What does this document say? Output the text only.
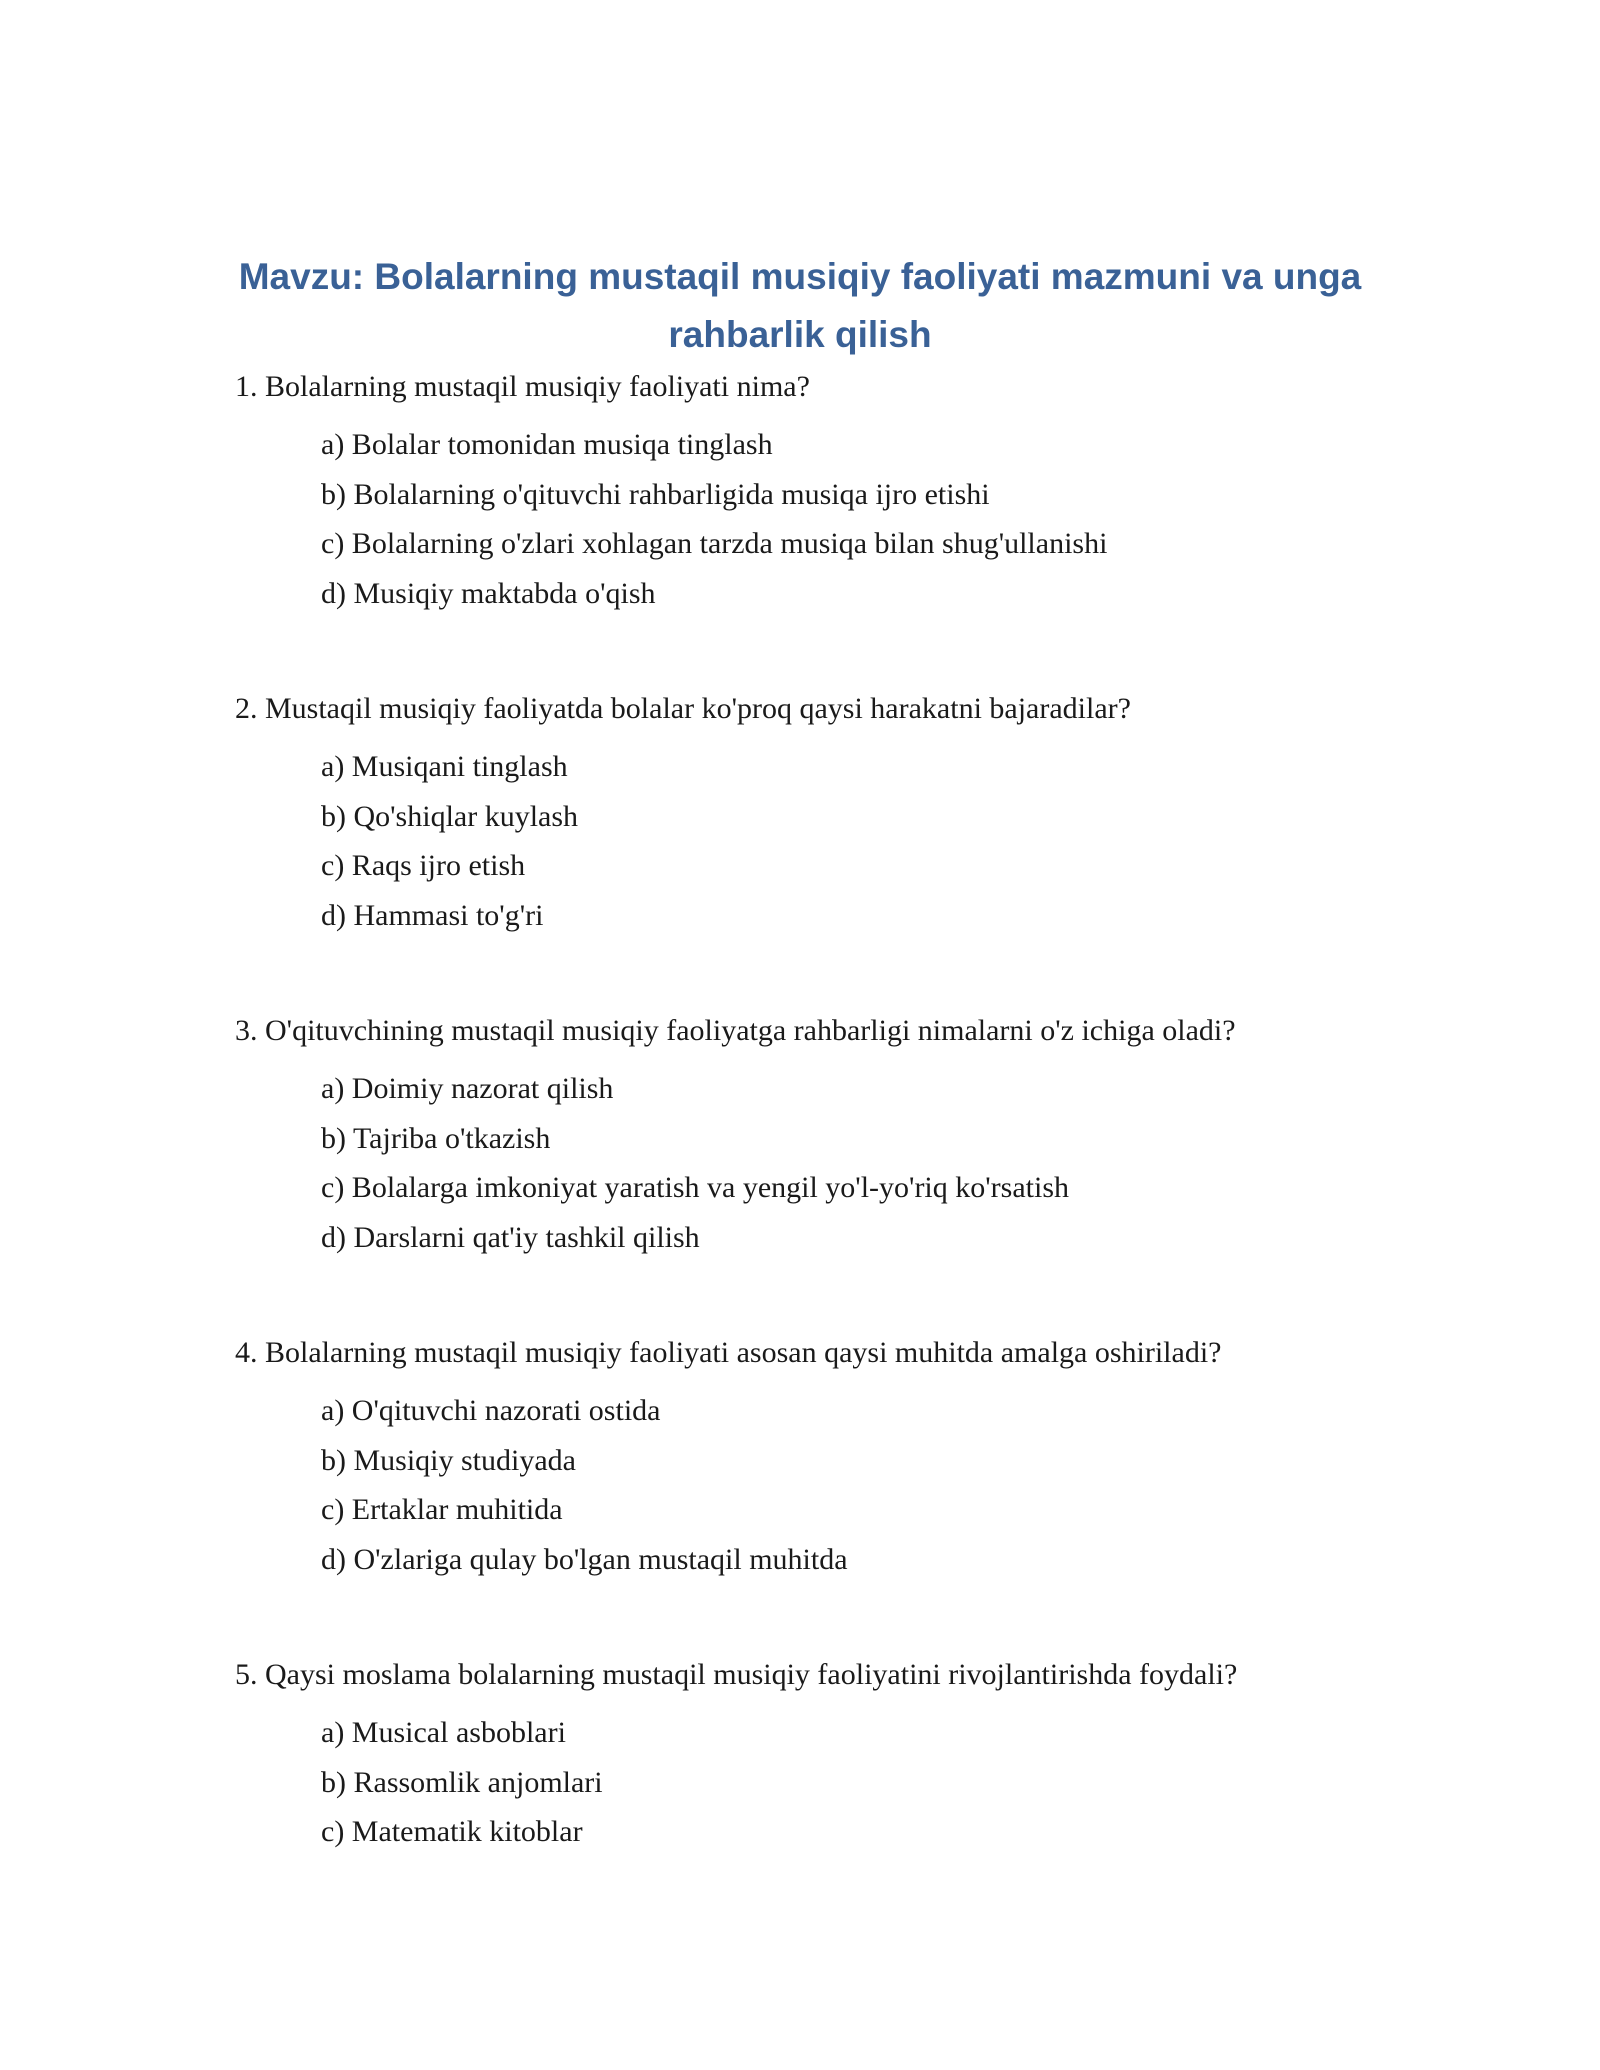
Mavzu: Bolalarning mustaqil musiqiy faoliyati mazmuni va unga rahbarlik qilish

1. Bolalarning mustaqil musiqiy faoliyati nima?

a) Bolalar tomonidan musiqa tinglash
b) Bolalarning o'qituvchi rahbarligida musiqa ijro etishi
c) Bolalarning o'zlari xohlagan tarzda musiqa bilan shug'ullanishi
d) Musiqiy maktabda o'qish

2. Mustaqil musiqiy faoliyatda bolalar ko'proq qaysi harakatni bajaradilar?

a) Musiqani tinglash
b) Qo'shiqlar kuylash
c) Raqs ijro etish
d) Hammasi to'g'ri

3. O'qituvchining mustaqil musiqiy faoliyatga rahbarligi nimalarni o'z ichiga oladi?

a) Doimiy nazorat qilish
b) Tajriba o'tkazish
c) Bolalarga imkoniyat yaratish va yengil yo'l-yo'riq ko'rsatish
d) Darslarni qat'iy tashkil qilish

4. Bolalarning mustaqil musiqiy faoliyati asosan qaysi muhitda amalga oshiriladi?

a) O'qituvchi nazorati ostida
b) Musiqiy studiyada
c) Ertaklar muhitida
d) O'zlariga qulay bo'lgan mustaqil muhitda

5. Qaysi moslama bolalarning mustaqil musiqiy faoliyatini rivojlantirishda foydali?

a) Musical asboblari
b) Rassomlik anjomlari
c) Matematik kitoblar
